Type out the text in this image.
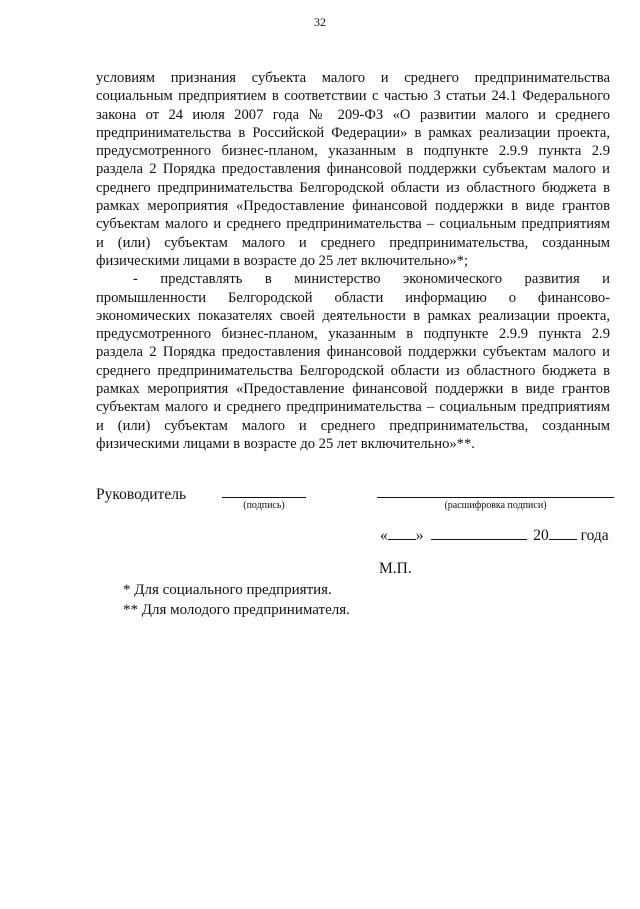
32

условиям признания субъекта малого и среднего предпринимательства социальным предприятием в соответствии с частью 3 статьи 24.1 Федерального закона от 24 июля 2007 года № 209-ФЗ «О развитии малого и среднего предпринимательства в Российской Федерации» в рамках реализации проекта, предусмотренного бизнес-планом, указанным в подпункте 2.9.9 пункта 2.9 раздела 2 Порядка предоставления финансовой поддержки субъектам малого и среднего предпринимательства Белгородской области из областного бюджета в рамках мероприятия «Предоставление финансовой поддержки в виде грантов субъектам малого и среднего предпринимательства – социальным предприятиям и (или) субъектам малого и среднего предпринимательства, созданным физическими лицами в возрасте до 25 лет включительно»*;

- представлять в министерство экономического развития и промышленности Белгородской области информацию о финансово-экономических показателях своей деятельности в рамках реализации проекта, предусмотренного бизнес-планом, указанным в подпункте 2.9.9 пункта 2.9 раздела 2 Порядка предоставления финансовой поддержки субъектам малого и среднего предпринимательства Белгородской области из областного бюджета в рамках мероприятия «Предоставление финансовой поддержки в виде грантов субъектам малого и среднего предпринимательства – социальным предприятиям и (или) субъектам малого и среднего предпринимательства, созданным физическими лицами в возрасте до 25 лет включительно»**.

Руководитель
(подпись)	(расшифровка подписи)
« »	20 года
М.П.
* Для социального предприятия.
** Для молодого предпринимателя.
